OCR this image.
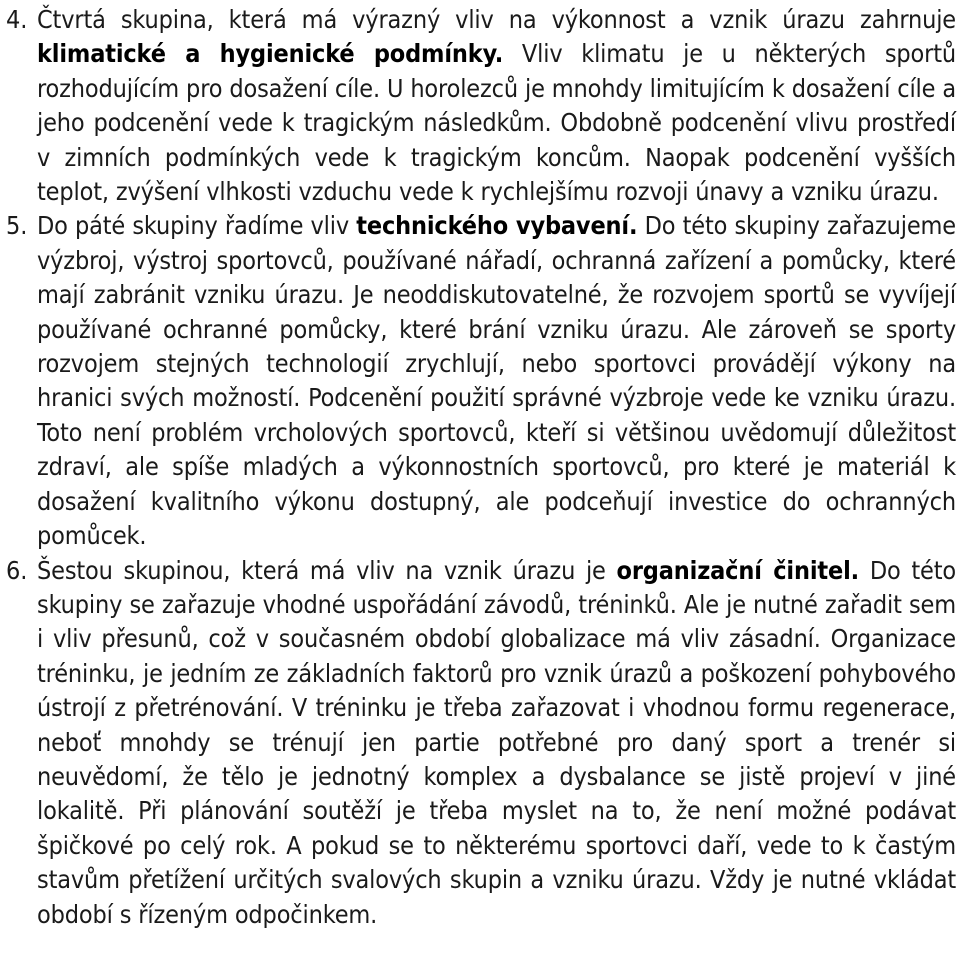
4. Čtvrtá skupina, která má výrazný vliv na výkonnost a vznik úrazu zahrnuje klimatické a hygienické podmínky. Vliv klimatu je u některých sportů rozhodujícím pro dosažení cíle. U horolezců je mnohdy limitujícím k dosažení cíle a jeho podcenění vede k tragickým následkům. Obdobně podcenění vlivu prostředí v zimních podmínkých vede k tragickým koncům. Naopak podcenění vyšších teplot, zvýšení vlhkosti vzduchu vede k rychlejšímu rozvoji únavy a vzniku úrazu.
5. Do páté skupiny řadíme vliv technického vybavení. Do této skupiny zařazujeme výzbroj, výstroj sportovců, používané nářadí, ochranná zařízení a pomůcky, které mají zabránit vzniku úrazu. Je neoddiskutovatelné, že rozvojem sportů se vyvíjejí používané ochranné pomůcky, které brání vzniku úrazu. Ale zároveň se sporty rozvojem stejných technologií zrychlují, nebo sportovci provádějí výkony na hranici svých možností. Podcenění použití správné výzbroje vede ke vzniku úrazu. Toto není problém vrcholových sportovců, kteří si většinou uvědomují důležitost zdraví, ale spíše mladých a výkonnostních sportovců, pro které je materiál k dosažení kvalitního výkonu dostupný, ale podceňují investice do ochranných pomůcek.
6. Šestou skupinou, která má vliv na vznik úrazu je organizační činitel. Do této skupiny se zařazuje vhodné uspořádání závodů, tréninků. Ale je nutné zařadit sem i vliv přesunů, což v současném období globalizace má vliv zásadní. Organizace tréninku, je jedním ze základních faktorů pro vznik úrazů a poškození pohybového ústrojí z přetrénování. V tréninku je třeba zařazovat i vhodnou formu regenerace, neboť mnohdy se trénují jen partie potřebné pro daný sport a trenér si neuvědomí, že tělo je jednotný komplex a dysbalance se jistě projeví v jiné lokalitě. Při plánování soutěží je třeba myslet na to, že není možné podávat špičkové po celý rok. A pokud se to některému sportovci daří, vede to k častým stavům přetížení určitých svalových skupin a vzniku úrazu. Vždy je nutné vkládat období s řízeným odpočinkem.
